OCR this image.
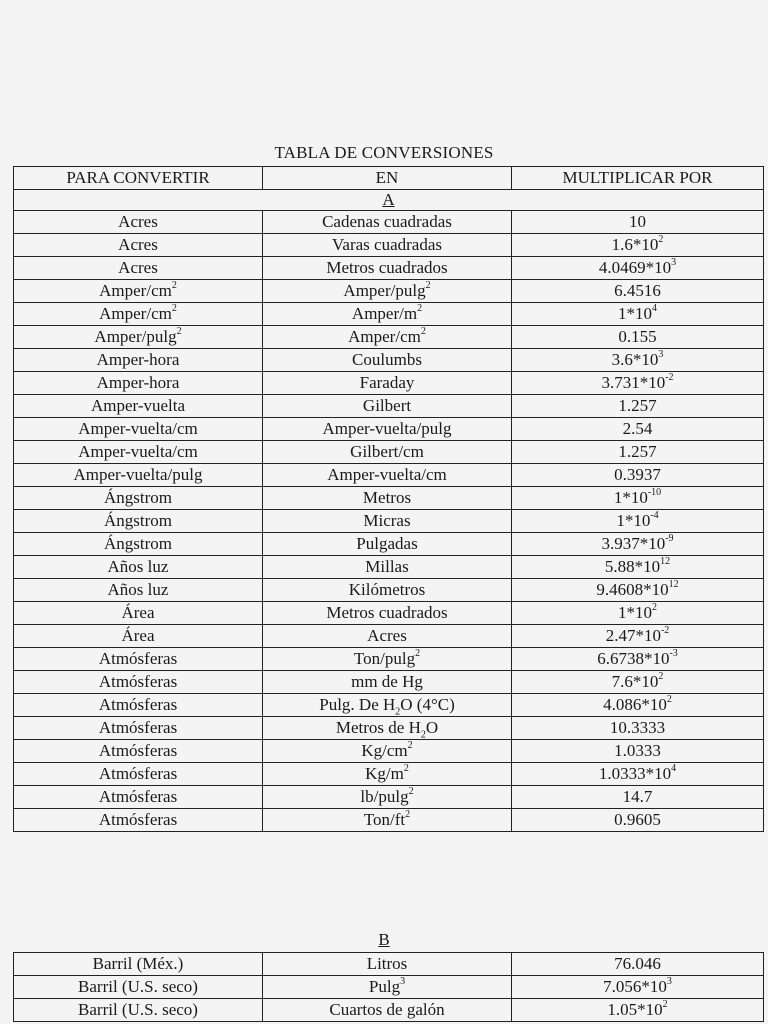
TABLA DE CONVERSIONES
PARA CONVERTIR	EN	MULTIPLICAR POR
A		
Acres	Cadenas cuadradas	10
Acres	Varas cuadradas	$1.6*10^2$
Acres	Metros cuadrados	$4.0469*10^3$
Amper/$cm^2$	Amper/pulg$^2$	6.4516
Amper/$cm^2$	Amper/$m^2$	$1*10^4$
Amper/pulg$^2$	Amper/$cm^2$	0.155
Amper-hora	Coulumbs	$3.6*10^3$
Amper-hora	Faraday	$3.731*10^{-2}$
Amper-vuelta	Gilbert	1.257
Amper-vuelta/cm	Amper-vuelta/pulg	2.54
Amper-vuelta/cm	Gilbert/cm	1.257
Amper-vuelta/pulg	Amper-vuelta/cm	0.3937
Ángstrom	Metros	$1*10^{-10}$
Ángstrom	Micras	$1*10^{-4}$
Ángstrom	Pulgadas	$3.937*10^{-9}$
Años luz	Millas	$5.88*10^{12}$
Años luz	Kilómetros	$9.4608*10^{12}$
Área	Metros cuadrados	$1*10^2$
Área	Acres	$2.47*10^{-2}$
Atmósferas	Ton/pulg$^2$	$6.6738*10^{-3}$
Atmósferas	mm de Hg	$7.6*10^2$
Atmósferas	Pulg. De $H_2O$ (4°C)	$4.086*10^2$
Atmósferas	Metros de $H_2O$	10.3333
Atmósferas	$Kg/cm^2$	1.0333
Atmósferas	$Kg/m^2$	$1.0333*10^4$
Atmósferas	lb/pulg$^2$	14.7
Atmósferas	Ton/$ft^2$	0.9605
B
Barril (Méx.)	Litros	76.046
Barril (U.S. seco)	Pulg$^3$	$7.056*10^3$
Barril (U.S. seco)	Cuartos de galón	$1.05*10^2$
